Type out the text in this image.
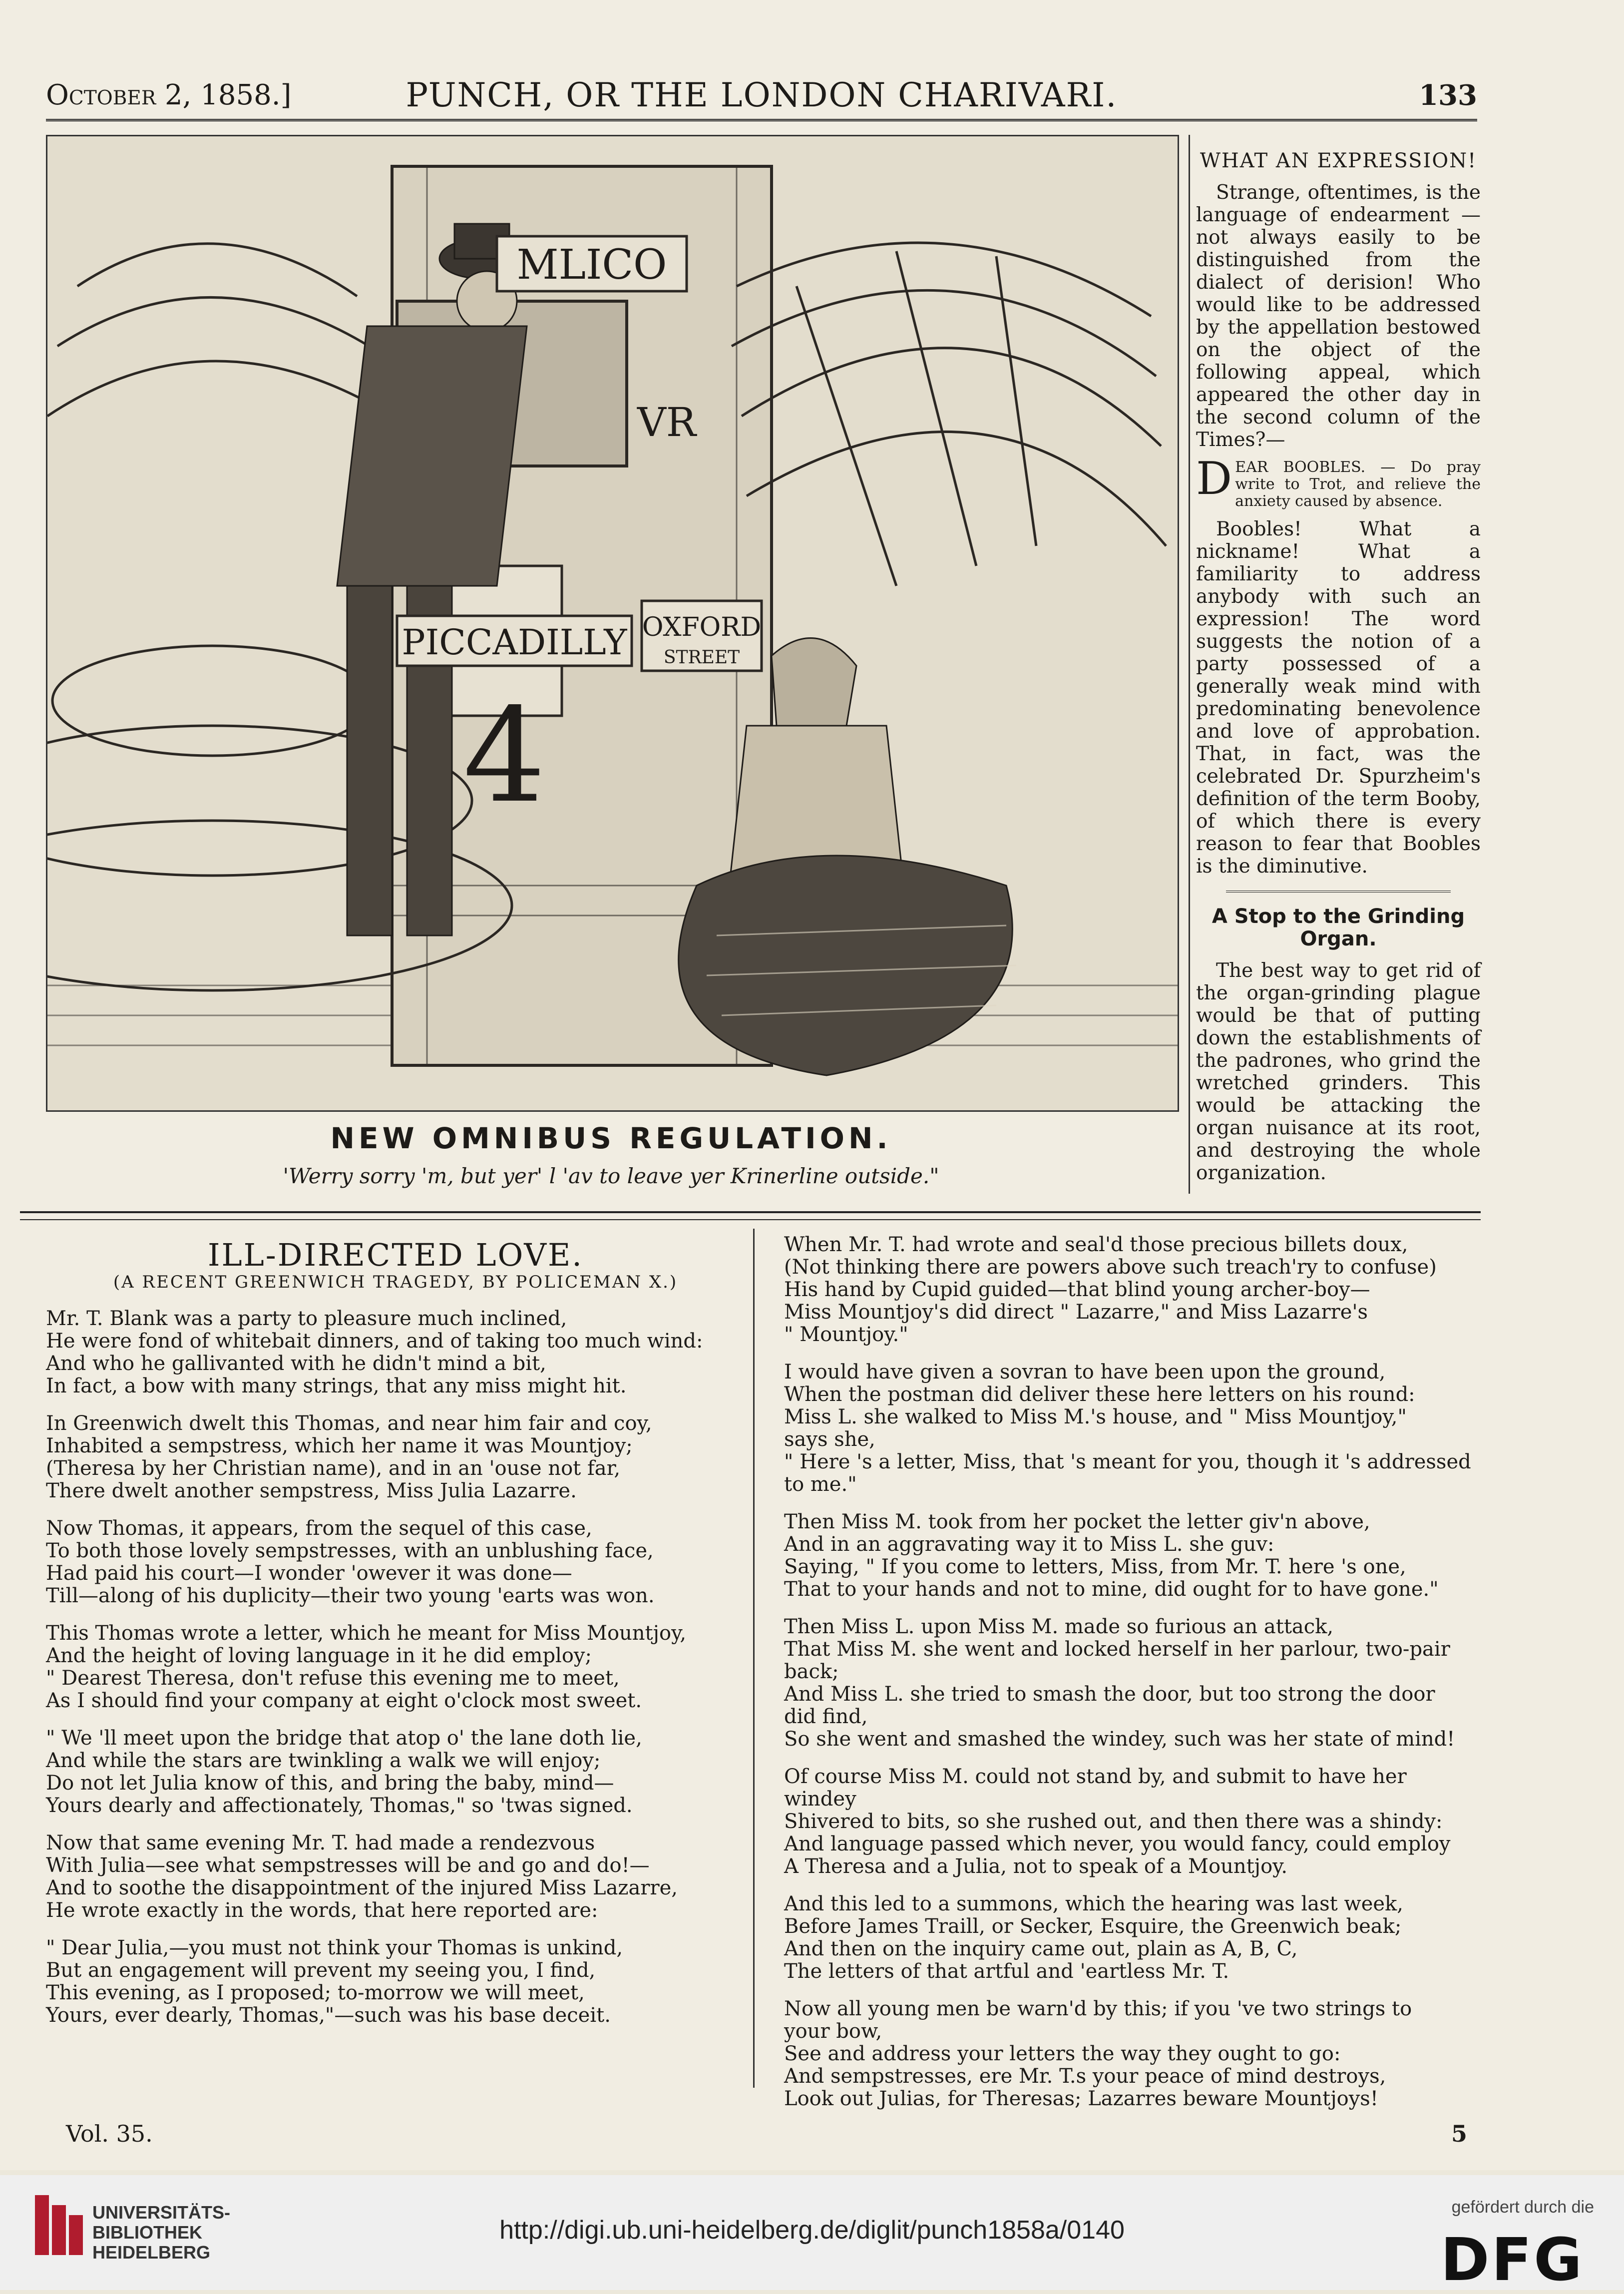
October 2, 1858.]	PUNCH, OR THE LONDON CHARIVARI.	133
MLICO
PICCADILLY OXFORD
STREET
VR
4
NEW OMNIBUS REGULATION.
'Werry sorry 'm, but yer' l 'av to leave yer Krinerline outside."
WHAT AN EXPRESSION!

Strange, oftentimes, is the language of endearment —not always easily to be distinguished from the dialect of derision! Who would like to be addressed by the appellation bestowed on the object of the following appeal, which appeared the other day in the second column of the Times?—

DEAR BOOBLES. — Do pray write to Trot, and relieve the anxiety caused by absence.

Boobles! What a nickname! What a familiarity to address anybody with such an expression! The word suggests the notion of a party possessed of a generally weak mind with predominating benevolence and love of approbation. That, in fact, was the celebrated Dr. Spurzheim's definition of the term Booby, of which there is every reason to fear that Boobles is the diminutive.

A Stop to the Grinding Organ.

The best way to get rid of the organ-grinding plague would be that of putting down the establishments of the padrones, who grind the wretched grinders. This would be attacking the organ nuisance at its root, and destroying the whole organization.

ILL-DIRECTED LOVE.
(A RECENT GREENWICH TRAGEDY, BY POLICEMAN X.)
Mr. T. Blank was a party to pleasure much inclined,
He were fond of whitebait dinners, and of taking too much wind:
And who he gallivanted with he didn't mind a bit,
In fact, a bow with many strings, that any miss might hit.
In Greenwich dwelt this Thomas, and near him fair and coy,
Inhabited a sempstress, which her name it was Mountjoy;
(Theresa by her Christian name), and in an 'ouse not far,
There dwelt another sempstress, Miss Julia Lazarre.
Now Thomas, it appears, from the sequel of this case,
To both those lovely sempstresses, with an unblushing face,
Had paid his court—I wonder 'owever it was done—
Till—along of his duplicity—their two young 'earts was won.
This Thomas wrote a letter, which he meant for Miss Mountjoy,
And the height of loving language in it he did employ;
" Dearest Theresa, don't refuse this evening me to meet,
As I should find your company at eight o'clock most sweet.
" We 'll meet upon the bridge that atop o' the lane doth lie,
And while the stars are twinkling a walk we will enjoy;
Do not let Julia know of this, and bring the baby, mind—
Yours dearly and affectionately, Thomas," so 'twas signed.
Now that same evening Mr. T. had made a rendezvous
With Julia—see what sempstresses will be and go and do!—
And to soothe the disappointment of the injured Miss Lazarre,
He wrote exactly in the words, that here reported are:
" Dear Julia,—you must not think your Thomas is unkind,
But an engagement will prevent my seeing you, I find,
This evening, as I proposed; to-morrow we will meet,
Yours, ever dearly, Thomas,"—such was his base deceit.
When Mr. T. had wrote and seal'd those precious billets doux,
(Not thinking there are powers above such treach'ry to confuse)
His hand by Cupid guided—that blind young archer-boy—
Miss Mountjoy's did direct " Lazarre," and Miss Lazarre's
" Mountjoy."
I would have given a sovran to have been upon the ground,
When the postman did deliver these here letters on his round:
Miss L. she walked to Miss M.'s house, and " Miss Mountjoy,"
says she,
" Here 's a letter, Miss, that 's meant for you, though it 's addressed
to me."
Then Miss M. took from her pocket the letter giv'n above,
And in an aggravating way it to Miss L. she guv:
Saying, " If you come to letters, Miss, from Mr. T. here 's one,
That to your hands and not to mine, did ought for to have gone."
Then Miss L. upon Miss M. made so furious an attack,
That Miss M. she went and locked herself in her parlour, two-pair back;
And Miss L. she tried to smash the door, but too strong the door
did find,
So she went and smashed the windey, such was her state of mind!
Of course Miss M. could not stand by, and submit to have her windey
Shivered to bits, so she rushed out, and then there was a shindy:
And language passed which never, you would fancy, could employ
A Theresa and a Julia, not to speak of a Mountjoy.
And this led to a summons, which the hearing was last week,
Before James Traill, or Secker, Esquire, the Greenwich beak;
And then on the inquiry came out, plain as A, B, C,
The letters of that artful and 'eartless Mr. T.
Now all young men be warn'd by this; if you 've two strings to
your bow,
See and address your letters the way they ought to go:
And sempstresses, ere Mr. T.s your peace of mind destroys,
Look out Julias, for Theresas; Lazarres beware Mountjoys!
Vol. 35.	5
UNIVERSITÄTS-
BIBLIOTHEK
HEIDELBERG
http://digi.ub.uni-heidelberg.de/diglit/punch1858a/0140
gefördert durch die
DFG
